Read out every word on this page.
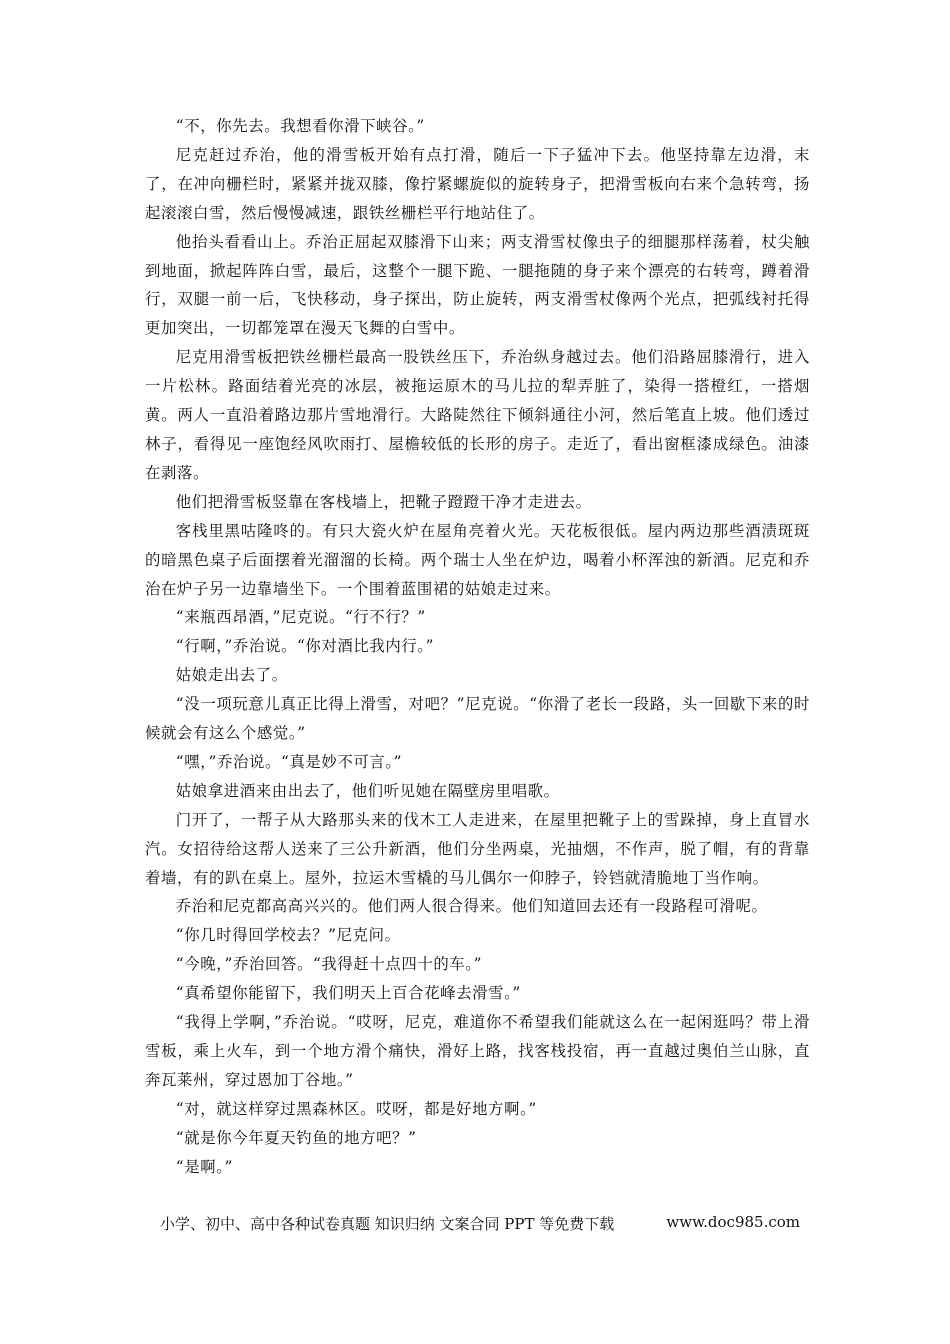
“不，你先去。我想看你滑下峡谷。”

尼克赶过乔治，他的滑雪板开始有点打滑，随后一下子猛冲下去。他坚持靠左边滑，末了，在冲向栅栏时，紧紧并拢双膝，像拧紧螺旋似的旋转身子，把滑雪板向右来个急转弯，扬起滚滚白雪，然后慢慢减速，跟铁丝栅栏平行地站住了。

他抬头看看山上。乔治正屈起双膝滑下山来；两支滑雪杖像虫子的细腿那样荡着，杖尖触到地面，掀起阵阵白雪，最后，这整个一腿下跪、一腿拖随的身子来个漂亮的右转弯，蹲着滑行，双腿一前一后，飞快移动，身子探出，防止旋转，两支滑雪杖像两个光点，把弧线衬托得更加突出，一切都笼罩在漫天飞舞的白雪中。

尼克用滑雪板把铁丝栅栏最高一股铁丝压下，乔治纵身越过去。他们沿路屈膝滑行，进入一片松林。路面结着光亮的冰层，被拖运原木的马儿拉的犁弄脏了，染得一搭橙红，一搭烟黄。两人一直沿着路边那片雪地滑行。大路陡然往下倾斜通往小河，然后笔直上坡。他们透过林子，看得见一座饱经风吹雨打、屋檐较低的长形的房子。走近了，看出窗框漆成绿色。油漆在剥落。

他们把滑雪板竖靠在客栈墙上，把靴子蹬蹬干净才走进去。

客栈里黑咕隆咚的。有只大瓷火炉在屋角亮着火光。天花板很低。屋内两边那些酒渍斑斑的暗黑色桌子后面摆着光溜溜的长椅。两个瑞士人坐在炉边，喝着小杯浑浊的新酒。尼克和乔治在炉子另一边靠墙坐下。一个围着蓝围裙的姑娘走过来。

“来瓶西昂酒，”尼克说。“行不行？”

“行啊，”乔治说。“你对酒比我内行。”

姑娘走出去了。

“没一项玩意儿真正比得上滑雪，对吧？”尼克说。“你滑了老长一段路，头一回歇下来的时候就会有这么个感觉。”

“嘿，”乔治说。“真是妙不可言。”

姑娘拿进酒来由出去了，他们听见她在隔壁房里唱歌。

门开了，一帮子从大路那头来的伐木工人走进来，在屋里把靴子上的雪跺掉，身上直冒水汽。女招待给这帮人送来了三公升新酒，他们分坐两桌，光抽烟，不作声，脱了帽，有的背靠着墙，有的趴在桌上。屋外，拉运木雪橇的马儿偶尔一仰脖子，铃铛就清脆地丁当作响。

乔治和尼克都高高兴兴的。他们两人很合得来。他们知道回去还有一段路程可滑呢。

“你几时得回学校去？”尼克问。

“今晚，”乔治回答。“我得赶十点四十的车。”

“真希望你能留下，我们明天上百合花峰去滑雪。”

“我得上学啊，”乔治说。“哎呀，尼克，难道你不希望我们能就这么在一起闲逛吗？带上滑雪板，乘上火车，到一个地方滑个痛快，滑好上路，找客栈投宿，再一直越过奥伯兰山脉，直奔瓦莱州，穿过恩加丁谷地。”

“对，就这样穿过黑森林区。哎呀，都是好地方啊。”

“就是你今年夏天钓鱼的地方吧？”

“是啊。”

小学、初中、高中各种试卷真题 知识归纳 文案合同 PPT 等免费下载	www.doc985.com
